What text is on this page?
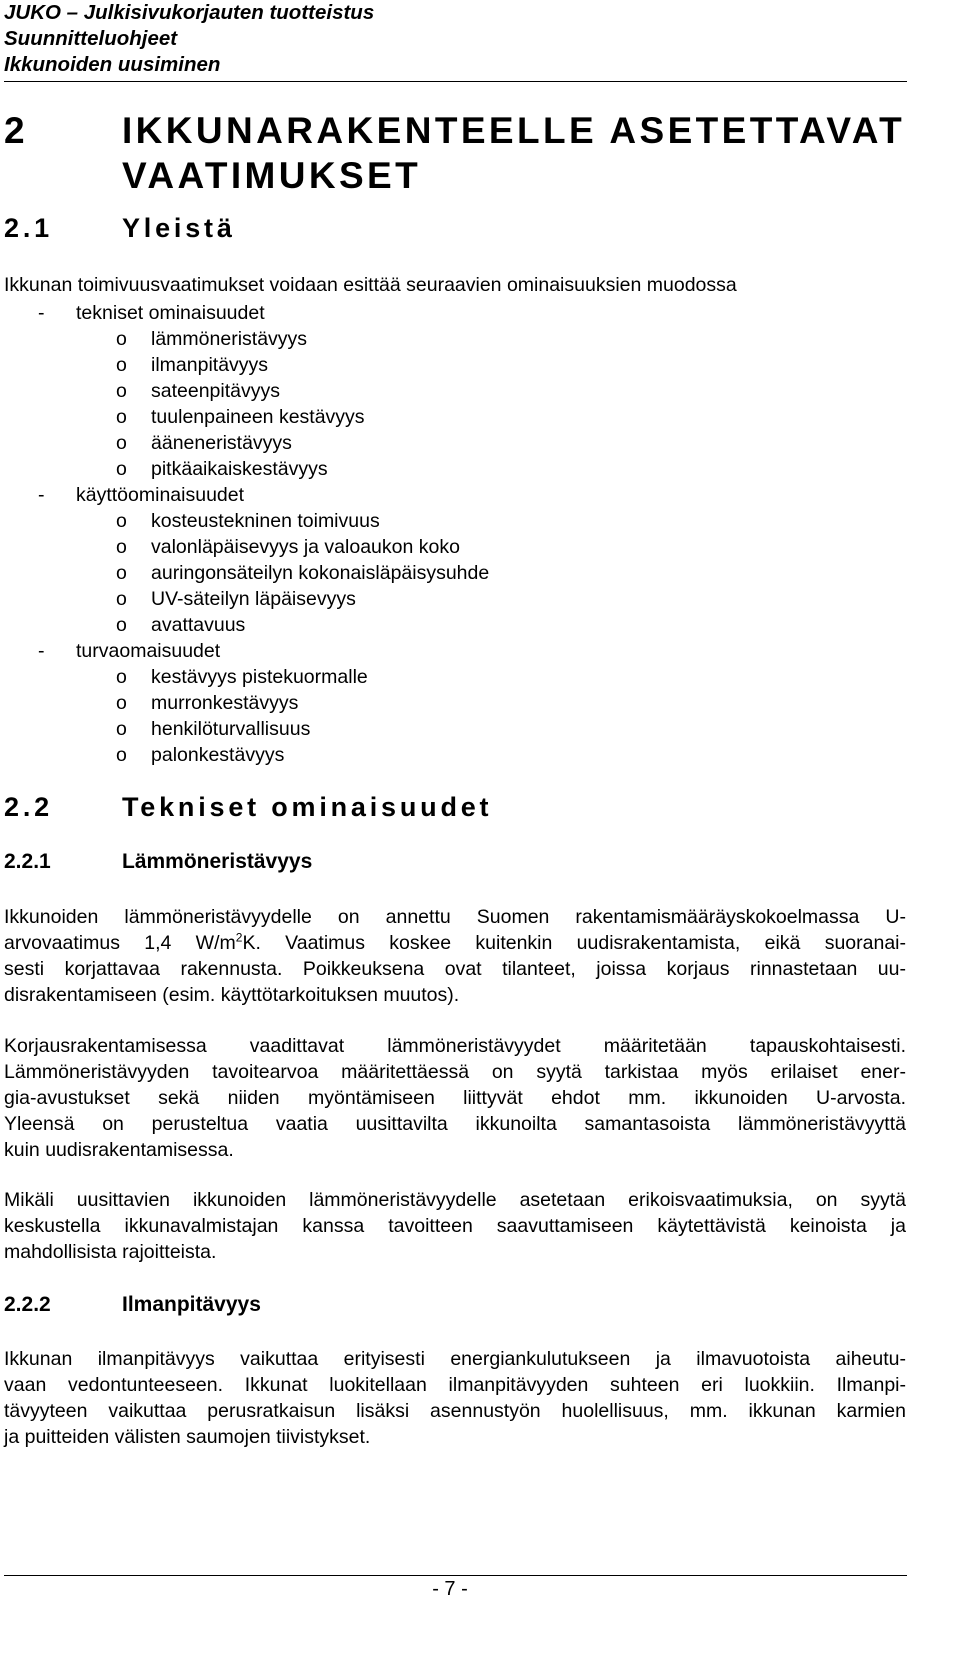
JUKO – Julkisivukorjauten tuotteistus
Suunnitteluohjeet
Ikkunoiden uusiminen
2	IKKUNARAKENTEELLE ASETETTAVAT
VAATIMUKSET
2.1	Yleistä
Ikkunan toimivuusvaatimukset voidaan esittää seuraavien ominaisuuksien muodossa
- tekniset ominaisuudet
o lämmöneristävyys
o ilmanpitävyys
o sateenpitävyys
o tuulenpaineen kestävyys
o ääneneristävyys
o pitkäaikaiskestävyys
- käyttöominaisuudet
o kosteustekninen toimivuus
o valonläpäisevyys ja valoaukon koko
o auringonsäteilyn kokonaisläpäisysuhde
o UV-säteilyn läpäisevyys
o avattavuus
- turvaomaisuudet
o kestävyys pistekuormalle
o murronkestävyys
o henkilöturvallisuus
o palonkestävyys
2.2	Tekniset ominaisuudet
2.2.1	Lämmöneristävyys
Ikkunoiden lämmöneristävyydelle on annettu Suomen rakentamismääräyskokoelmassa U-
arvovaatimus 1,4 $W/m^2K$. Vaatimus koskee kuitenkin uudisrakentamista, eikä suoranai-
sesti korjattavaa rakennusta. Poikkeuksena ovat tilanteet, joissa korjaus rinnastetaan uu-
disrakentamiseen (esim. käyttötarkoituksen muutos).
Korjausrakentamisessa vaadittavat lämmöneristävyydet määritetään tapauskohtaisesti.
Lämmöneristävyyden tavoitearvoa määritettäessä on syytä tarkistaa myös erilaiset ener-
gia-avustukset sekä niiden myöntämiseen liittyvät ehdot mm. ikkunoiden U-arvosta.
Yleensä on perusteltua vaatia uusittavilta ikkunoilta samantasoista lämmöneristävyyttä
kuin uudisrakentamisessa.
Mikäli uusittavien ikkunoiden lämmöneristävyydelle asetetaan erikoisvaatimuksia, on syytä
keskustella ikkunavalmistajan kanssa tavoitteen saavuttamiseen käytettävistä keinoista ja
mahdollisista rajoitteista.
2.2.2	Ilmanpitävyys
Ikkunan ilmanpitävyys vaikuttaa erityisesti energiankulutukseen ja ilmavuotoista aiheutu-
vaan vedontunteeseen. Ikkunat luokitellaan ilmanpitävyyden suhteen eri luokkiin. Ilmanpi-
tävyyteen vaikuttaa perusratkaisun lisäksi asennustyön huolellisuus, mm. ikkunan karmien
ja puitteiden välisten saumojen tiivistykset.
- 7 -
